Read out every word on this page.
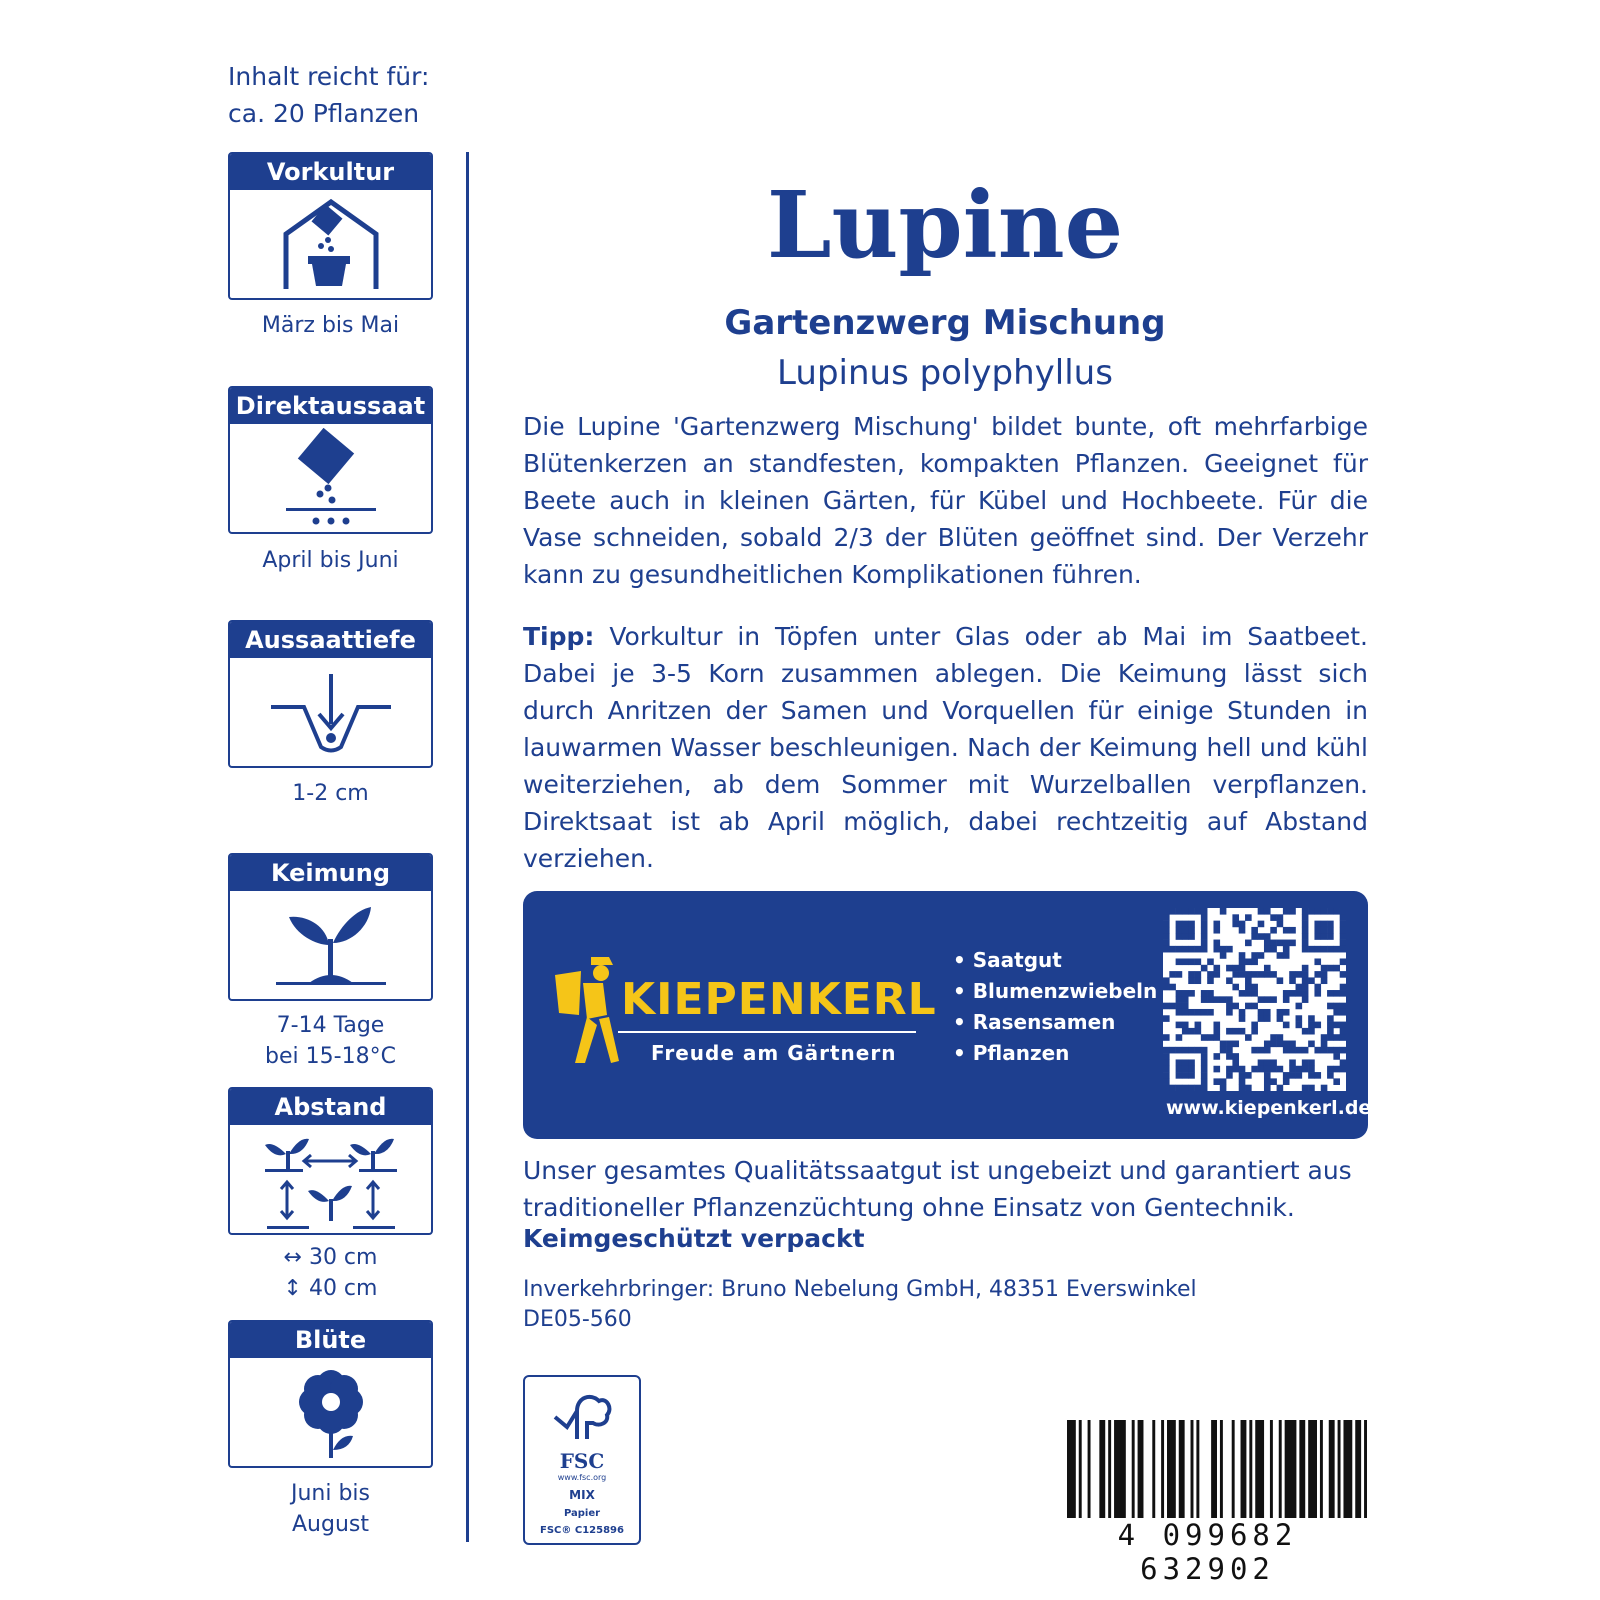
Inhalt reicht für:
ca. 20 Pflanzen
Vorkultur
März bis Mai
Direktaussaat
April bis Juni
Aussaattiefe
1-2 cm
Keimung
7-14 Tage
bei 15-18°C
Abstand
↔ 30 cm
↕ 40 cm
Blüte
Juni bis
August
Lupine
Gartenzwerg Mischung
Lupinus polyphyllus
Die Lupine 'Gartenzwerg Mischung' bildet bunte, oft mehrfarbige Blütenkerzen an standfesten, kompakten Pflanzen. Geeignet für Beete auch in kleinen Gärten, für Kübel und Hochbeete. Für die Vase schneiden, sobald 2/3 der Blüten geöffnet sind. Der Verzehr kann zu gesundheitlichen Komplikationen führen.
Tipp: Vorkultur in Töpfen unter Glas oder ab Mai im Saatbeet. Dabei je 3-5 Korn zusammen ablegen. Die Keimung lässt sich durch Anritzen der Samen und Vorquellen für einige Stunden in lauwarmen Wasser beschleunigen. Nach der Keimung hell und kühl weiterziehen, ab dem Sommer mit Wurzelballen verpflanzen. Direktsaat ist ab April möglich, dabei rechtzeitig auf Abstand verziehen.
KIEPENKERL
Freude am Gärtnern
• Saatgut
• Blumenzwiebeln
• Rasensamen
• Pflanzen
www.kiepenkerl.de
Unser gesamtes Qualitätssaatgut ist ungebeizt und garantiert aus traditioneller Pflanzenzüchtung ohne Einsatz von Gentechnik.
Keimgeschützt verpackt
Inverkehrbringer: Bruno Nebelung GmbH, 48351 Everswinkel
DE05-560
FSC
www.fsc.org
MIX
Papier
FSC® C125896	4 099682 632902
